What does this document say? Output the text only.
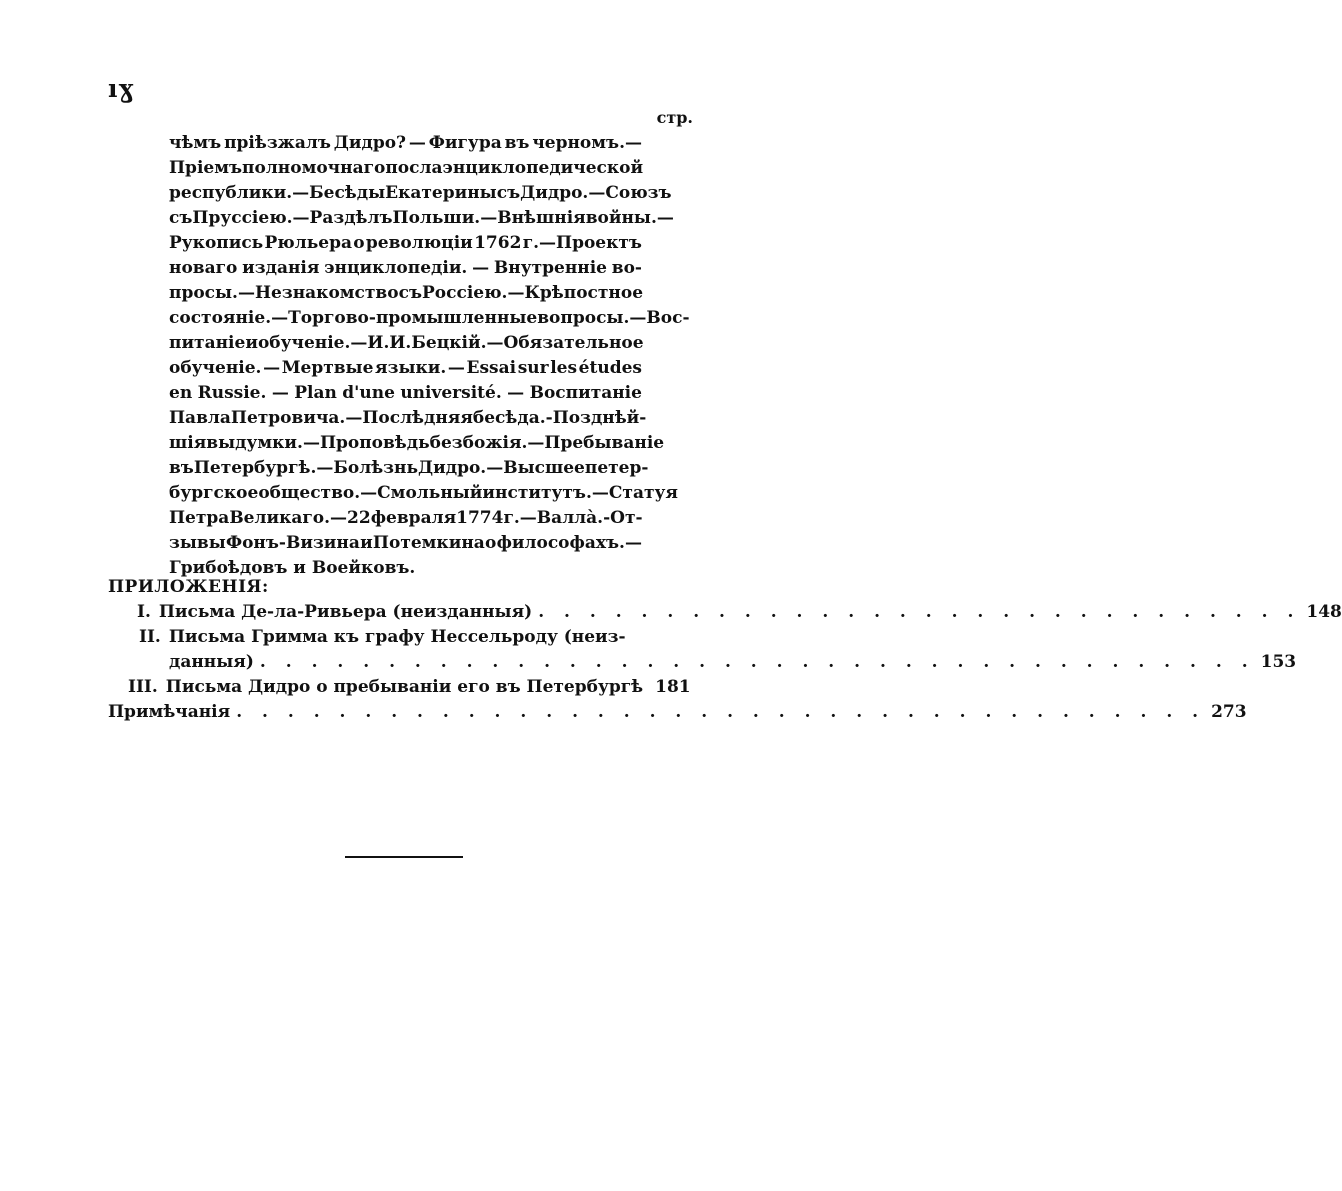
ıɣ
стр.
чѣмъ пріѣзжалъ Дидро? — Фигура въ черномъ.—
Пріемъ полномочнаго посла энциклопедической
республики.—Бесѣды Екатерины съ Дидро.—Союзъ
съ Пруссіею.—Раздѣлъ Польши.—Внѣшнія войны.—
Рукопись Рюльера о революціи 1762 г.—Проектъ
новаго изданія энциклопедіи. — Внутренніе во-
просы. — Незнакомство съ Россіею. — Крѣпостное
состояніе.—Торгово-промышленные вопросы.—Вос-
питаніе и обученіе.—И. И. Бецкій.—Обязательное
обученіе. — Мертвые языки. — Essai sur les études
en Russie. — Plan d'une université. — Воспитаніе
Павла Петровича. — Послѣдняя бесѣда. - Позднѣй-
шія выдумки. — Проповѣдь безбожія.—Пребываніе
въ Петербургѣ. — Болѣзнь Дидро.—Высшее петер-
бургское общество.—Смольный институтъ.—Статуя
Петра Великаго.—22 февраля 1774 г.—Валлà. - От-
зывы Фонъ-Визина и Потемкина о философахъ.—
Грибоѣдовъ и Воейковъ.
ПРИЛОЖЕНІЯ:
I. Письма Де-ла-Ривьера (неизданныя) . . . . . . . . . . . . . . . . . . . . . . . . . . . . . . 148
II. Письма Гримма къ графу Нессельроду (неиз-
данныя) . . . . . . . . . . . . . . . . . . . . . . . . . . . . . . . . . . . . . . . 153
III. Письма Дидро о пребываніи его въ Петербургѣ 181
Примѣчанія . . . . . . . . . . . . . . . . . . . . . . . . . . . . . . . . . . . . . . 273
